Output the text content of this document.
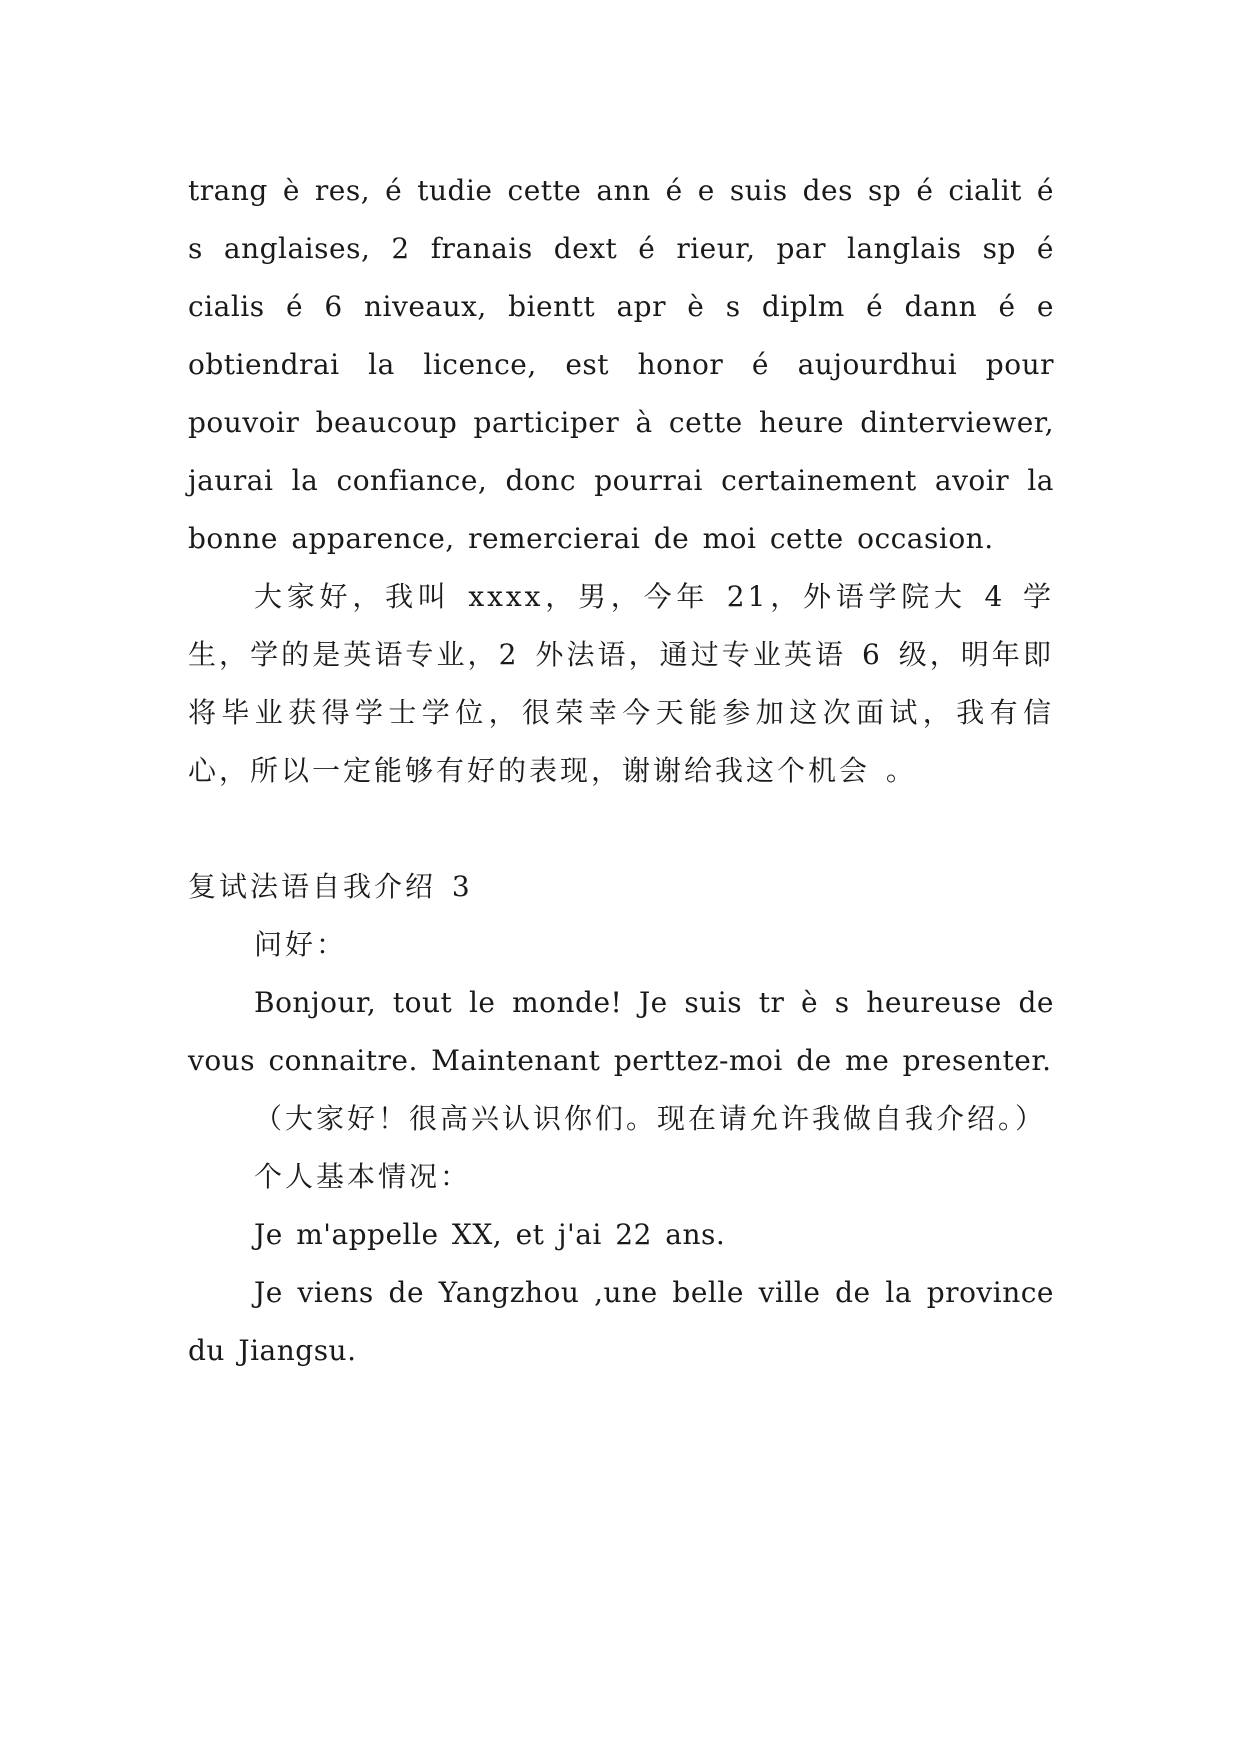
trang è res, é tudie cette ann é e suis des sp é cialit é s anglaises, 2 franais dext é rieur, par langlais sp é cialis é 6 niveaux, bientt apr è s diplm é dann é e obtiendrai la licence, est honor é aujourdhui pour pouvoir beaucoup participer à cette heure dinterviewer, jaurai la confiance, donc pourrai certainement avoir la bonne apparence, remercierai de moi cette occasion.

大家好，我叫 xxxx，男，今年 21，外语学院大 4 学生，学的是英语专业，2 外法语，通过专业英语 6 级，明年即将毕业获得学士学位，很荣幸今天能参加这次面试，我有信心，所以一定能够有好的表现，谢谢给我这个机会 。

复试法语自我介绍 3

问好：

Bonjour, tout le monde! Je suis tr è s heureuse de vous connaitre. Maintenant perttez-moi de me presenter.

（大家好！很高兴认识你们。现在请允许我做自我介绍。）

个人基本情况：

Je m'appelle XX, et j'ai 22 ans.

Je viens de Yangzhou ,une belle ville de la province du Jiangsu.
